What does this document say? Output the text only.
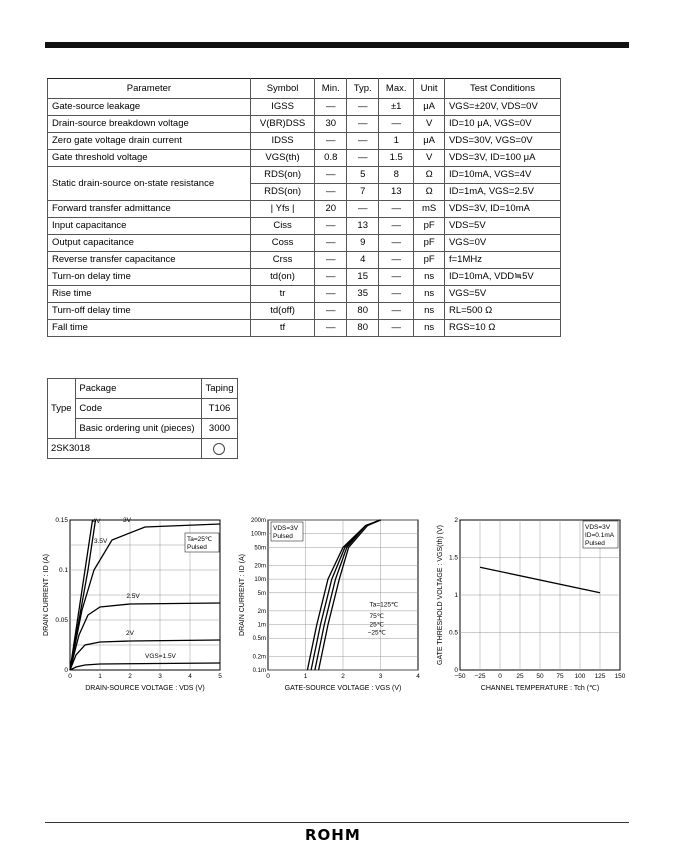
Parameter	Symbol	Min.	Typ.	Max.	Unit	Test Conditions
Gate-source leakage	IGSS	—	—	±1	μA	VGS=±20V, VDS=0V
Drain-source breakdown voltage	V(BR)DSS	30	—	—	V	ID=10 μA, VGS=0V
Zero gate voltage drain current	IDSS	—	—	1	μA	VDS=30V, VGS=0V
Gate threshold voltage	VGS(th)	0.8	—	1.5	V	VDS=3V, ID=100 μA
Static drain-source on-state resistance	RDS(on)	—	5	8	Ω	ID=10mA, VGS=4V
	RDS(on)	—	7	13	Ω	ID=1mA, VGS=2.5V
Forward transfer admittance	| Yfs |	20	—	—	mS	VDS=3V, ID=10mA
Input capacitance	Ciss	—	13	—	pF	VDS=5V
Output capacitance	Coss	—	9	—	pF	VGS=0V
Reverse transfer capacitance	Crss	—	4	—	pF	f=1MHz
Turn-on delay time	td(on)	—	15	—	ns	ID=10mA, VDD≒5V
Rise time	tr	—	35	—	ns	VGS=5V
Turn-off delay time	td(off)	—	80	—	ns	RL=500 Ω
Fall time	tf	—	80	—	ns	RGS=10 Ω
Type	Package	Taping
	Code	T106
	Basic ordering unit (pieces)	3000
2SK3018		
0	1	2	3	4	5
0
0.05
0.1
0.15
DRAIN-SOURCE VOLTAGE : VDS (V)
DRAIN CURRENT : ID (A)
Ta=25℃
Pulsed
4V
3.5V
3V
2.5V
2V
VGS=1.5V
0	1	2	3	4
200m
100m
50m
20m
10m
5m
2m
1m
0.5m
0.2m
0.1m
GATE-SOURCE VOLTAGE : VGS (V)
DRAIN CURRENT : ID (A)
VDS=3V
Pulsed
Ta=125℃
75℃
25℃
−25℃
−50 −25 0 25 50 75 100 125 150
0
0.5
1
1.5
2
CHANNEL TEMPERATURE : Tch (℃)
GATE THRESHOLD VOLTAGE : VGS(th) (V)	VDS=3V
ID=0.1mA
Pulsed
ROHM
